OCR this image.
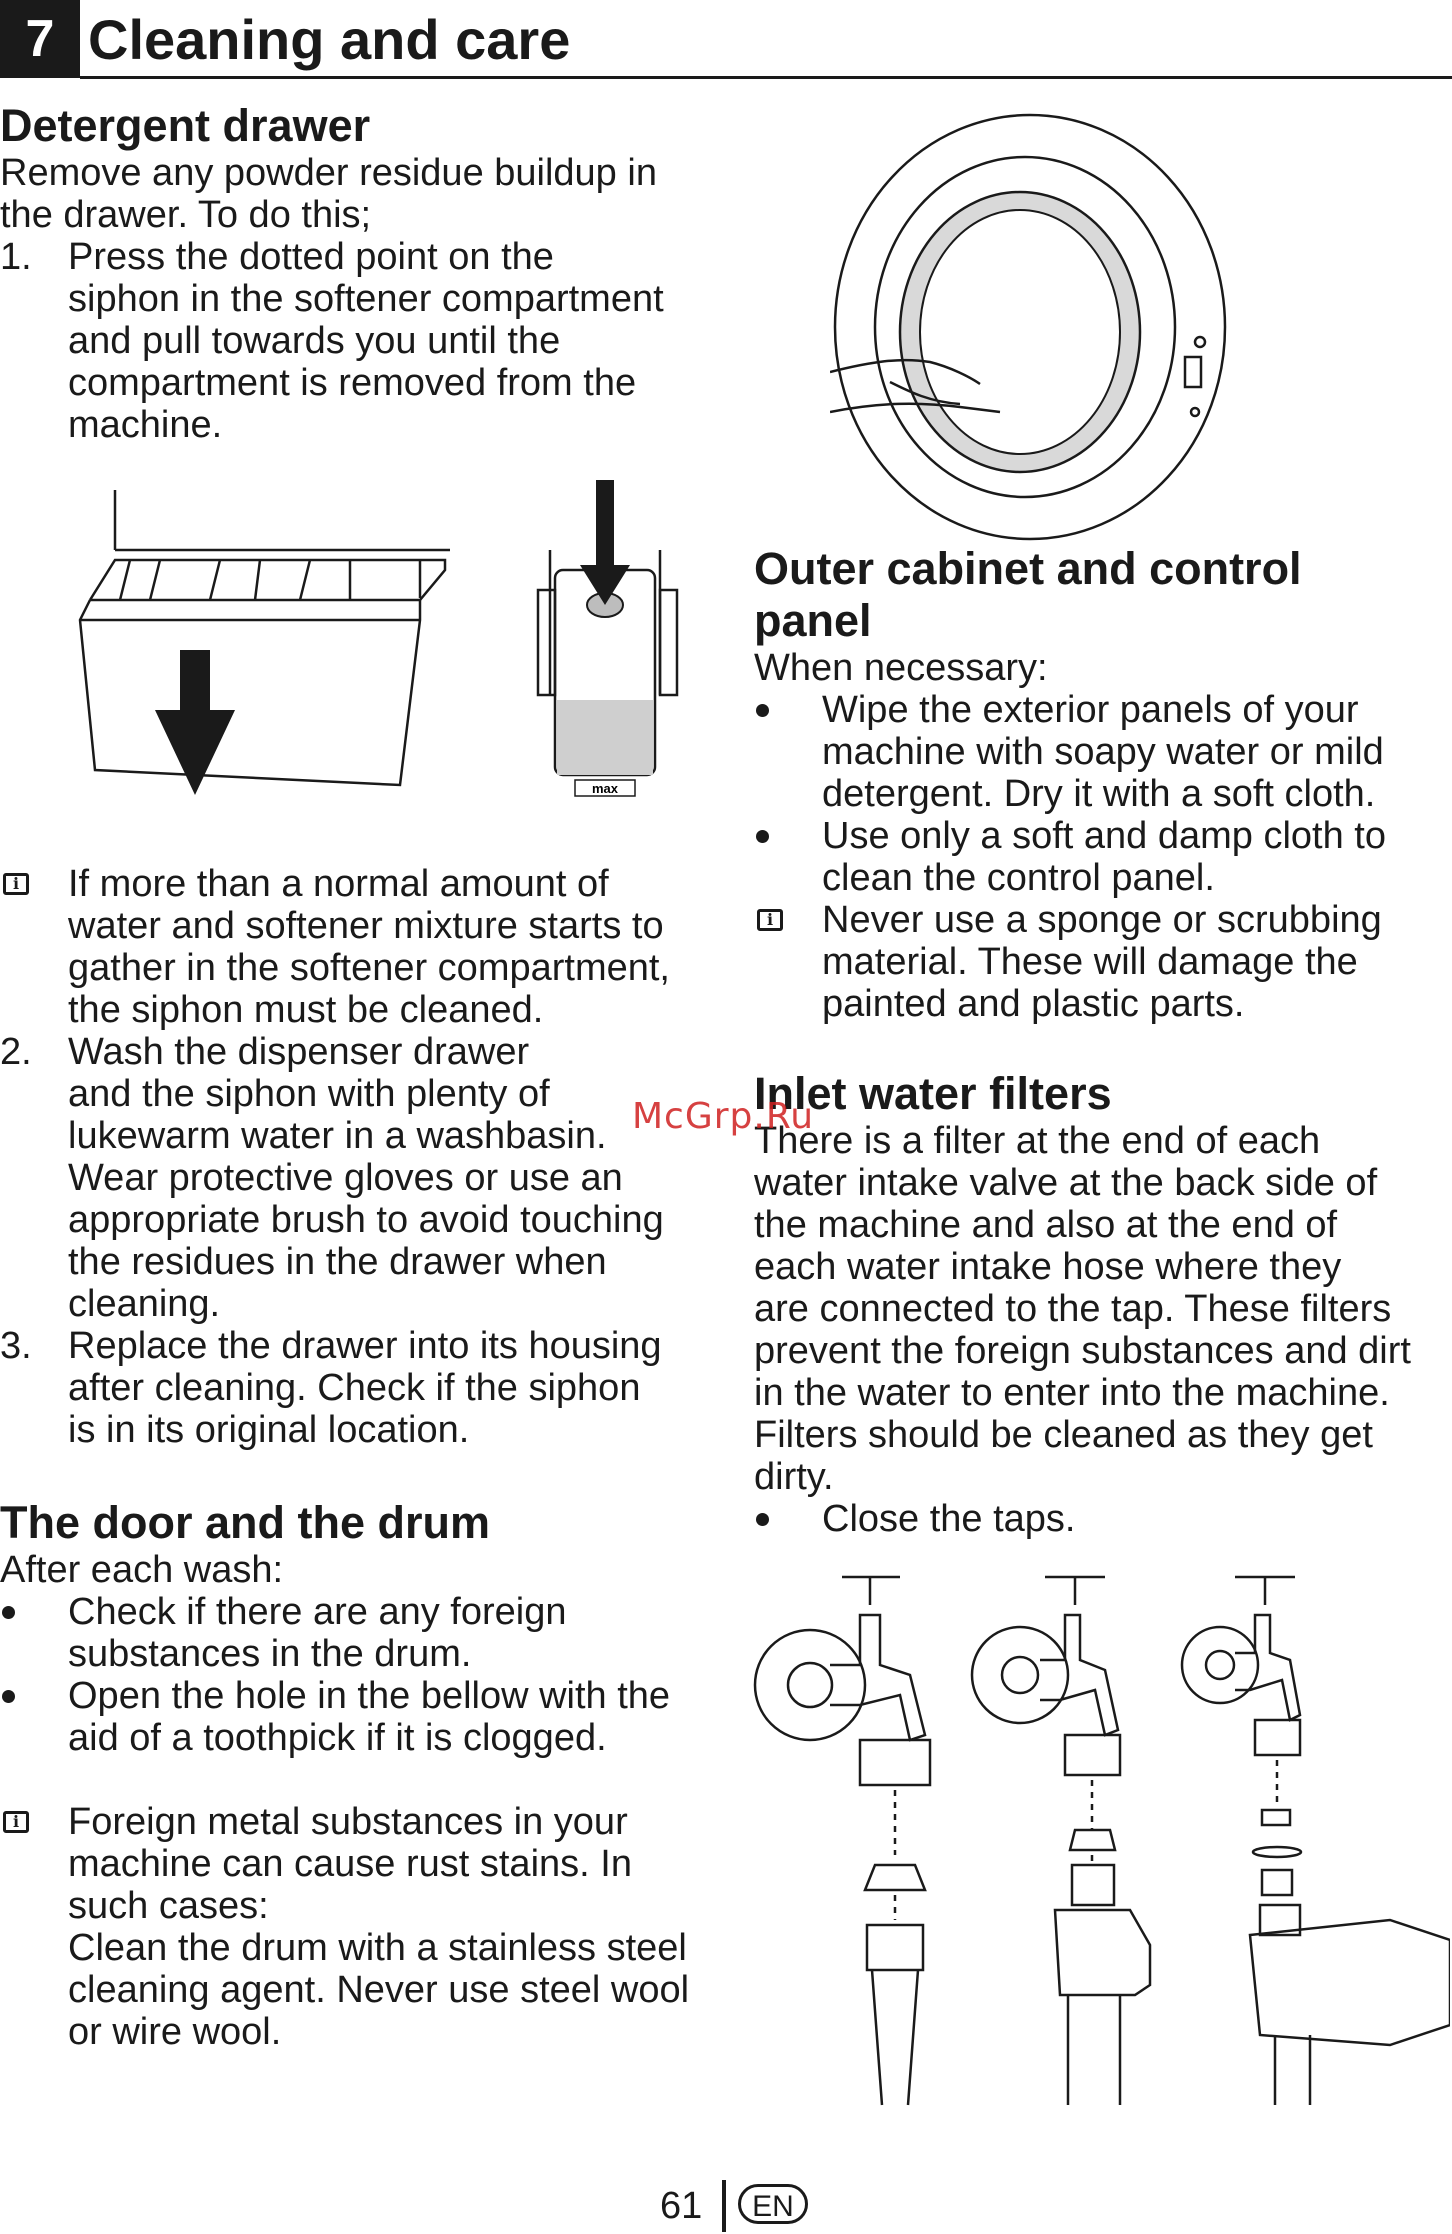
7 Cleaning and care
Detergent drawer

Remove any powder residue buildup in
the drawer. To do this;

1. Press the dotted point on the
siphon in the softener compartment
and pull towards you until the
compartment is removed from the
machine.
max
i If more than a normal amount of
water and softener mixture starts to
gather in the softener compartment,
the siphon must be cleaned.
2. Wash the dispenser drawer
and the siphon with plenty of
lukewarm water in a washbasin.
Wear protective gloves or use an
appropriate brush to avoid touching
the residues in the drawer when
cleaning.
3. Replace the drawer into its housing
after cleaning. Check if the siphon
is in its original location.
The door and the drum

After each wash:

Check if there are any foreign
substances in the drum.
Open the hole in the bellow with the
aid of a toothpick if it is clogged.
i Foreign metal substances in your
machine can cause rust stains. In
such cases:
Clean the drum with a stainless steel
cleaning agent. Never use steel wool
or wire wool.
Outer cabinet and control
panel

When necessary:

Wipe the exterior panels of your
machine with soapy water or mild
detergent. Dry it with a soft cloth.
Use only a soft and damp cloth to
clean the control panel.
i Never use a sponge or scrubbing
material. These will damage the
painted and plastic parts.
Inlet water filters

There is a filter at the end of each
water intake valve at the back side of
the machine and also at the end of
each water intake hose where they
are connected to the tap. These filters
prevent the foreign substances and dirt
in the water to enter into the machine.
Filters should be cleaned as they get
dirty.

Close the taps.
McGrp.Ru
61	EN
